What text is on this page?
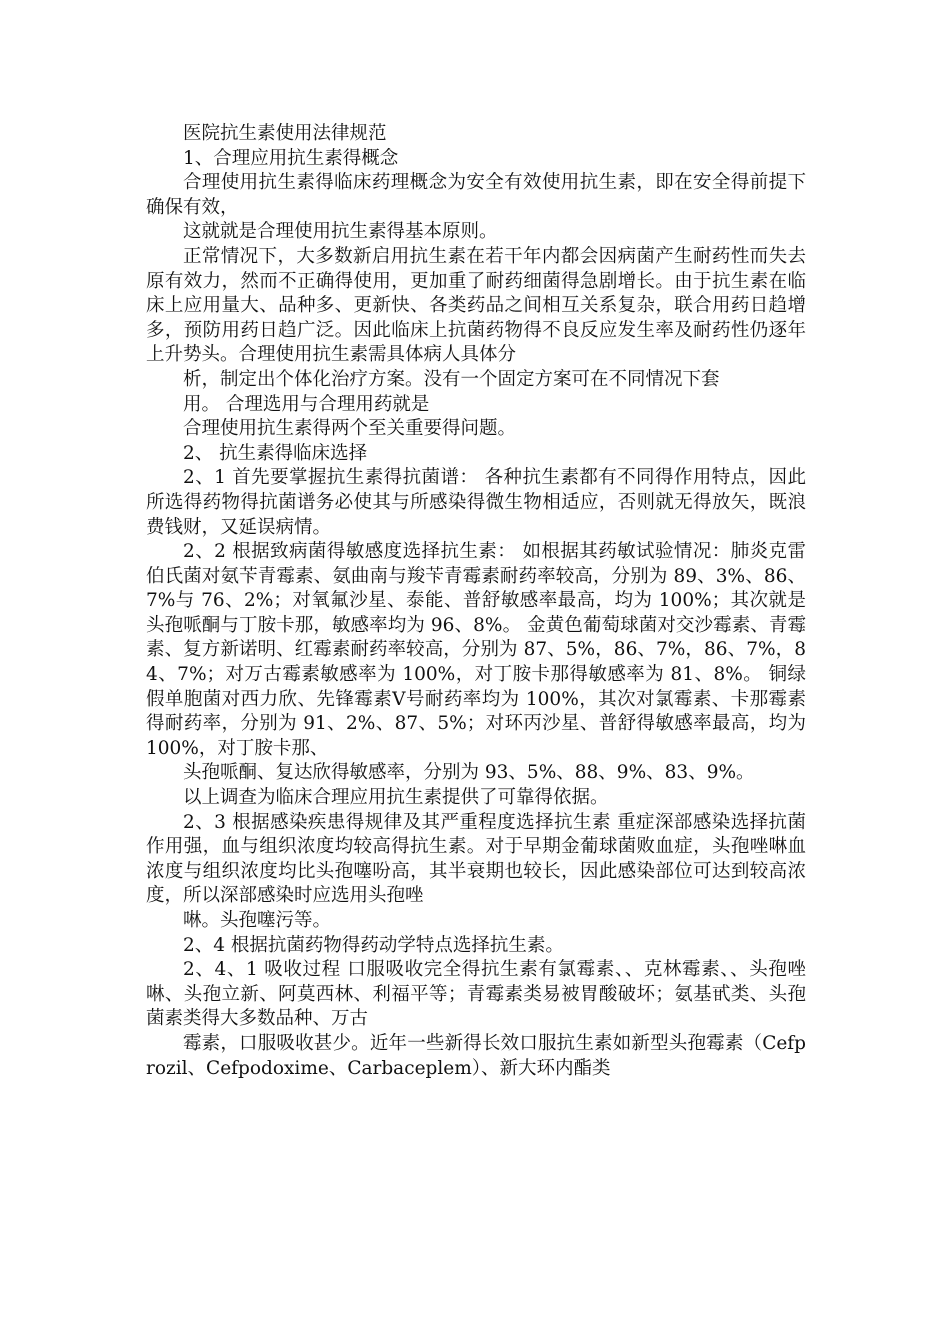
医院抗生素使用法律规范

1、合理应用抗生素得概念

合理使用抗生素得临床药理概念为安全有效使用抗生素，即在安全得前提下确保有效，

这就就是合理使用抗生素得基本原则。

正常情况下，大多数新启用抗生素在若干年内都会因病菌产生耐药性而失去原有效力，然而不正确得使用，更加重了耐药细菌得急剧增长。由于抗生素在临床上应用量大、品种多、更新快、各类药品之间相互关系复杂，联合用药日趋增多，预防用药日趋广泛。因此临床上抗菌药物得不良反应发生率及耐药性仍逐年上升势头。合理使用抗生素需具体病人具体分

析，制定出个体化治疗方案。没有一个固定方案可在不同情况下套

用。 合理选用与合理用药就是

合理使用抗生素得两个至关重要得问题。

2、 抗生素得临床选择

2、1 首先要掌握抗生素得抗菌谱： 各种抗生素都有不同得作用特点，因此所选得药物得抗菌谱务必使其与所感染得微生物相适应，否则就无得放矢，既浪费钱财，又延误病情。

2、2 根据致病菌得敏感度选择抗生素： 如根据其药敏试验情况：肺炎克雷伯氏菌对氨苄青霉素、氨曲南与羧苄青霉素耐药率较高，分别为 89、3%、86、7%与 76、2%；对氧氟沙星、泰能、普舒敏感率最高，均为 100%；其次就是头孢哌酮与丁胺卡那，敏感率均为 96、8%。 金黄色葡萄球菌对交沙霉素、青霉素、复方新诺明、红霉素耐药率较高，分别为 87、5%，86、7%，86、7%，84、7%；对万古霉素敏感率为 100%，对丁胺卡那得敏感率为 81、8%。 铜绿假单胞菌对西力欣、先锋霉素Ⅴ号耐药率均为 100%，其次对氯霉素、卡那霉素得耐药率，分别为 91、2%、87、5%；对环丙沙星、普舒得敏感率最高，均为 100%，对丁胺卡那、

头孢哌酮、复达欣得敏感率，分别为 93、5%、88、9%、83、9%。

以上调查为临床合理应用抗生素提供了可靠得依据。

2、3 根据感染疾患得规律及其严重程度选择抗生素 重症深部感染选择抗菌作用强，血与组织浓度均较高得抗生素。对于早期金葡球菌败血症，头孢唑啉血浓度与组织浓度均比头孢噻吩高，其半衰期也较长，因此感染部位可达到较高浓度，所以深部感染时应选用头孢唑

啉。头孢噻污等。

2、4 根据抗菌药物得药动学特点选择抗生素。

2、4、1 吸收过程 口服吸收完全得抗生素有氯霉素、、克林霉素、、头孢唑啉、头孢立新、阿莫西林、利福平等；青霉素类易被胃酸破坏；氨基甙类、头孢菌素类得大多数品种、万古

霉素，口服吸收甚少。近年一些新得长效口服抗生素如新型头孢霉素（Cefprozil、Cefpodoxime、Carbaceplem）、新大环内酯类
